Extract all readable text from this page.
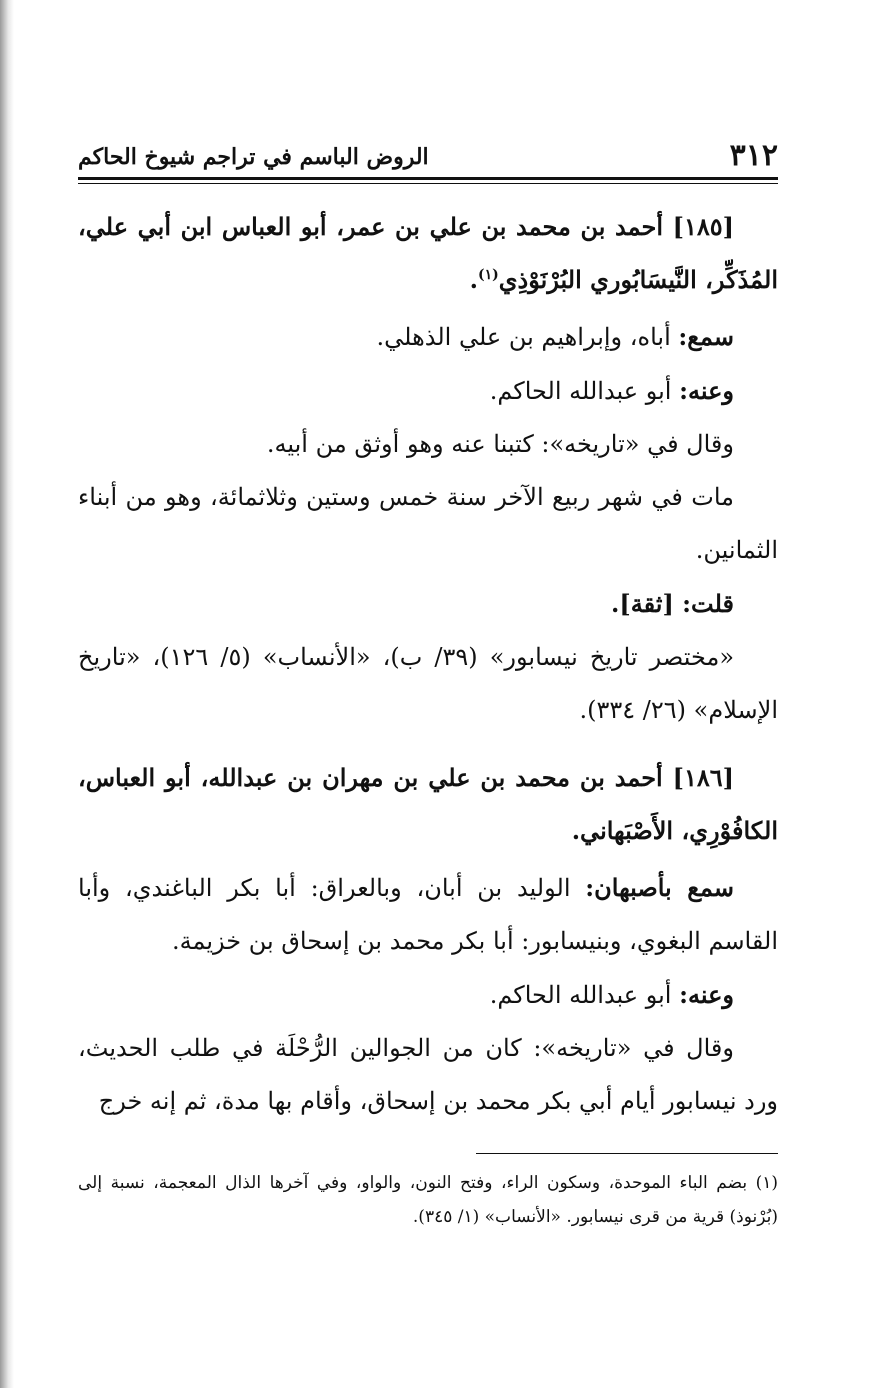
٣١٢
الروض الباسم في تراجم شيوخ الحاكم

[١٨٥] أحمد بن محمد بن علي بن عمر، أبو العباس ابن أبي علي، المُذَكِّر، النَّيسَابُوري البُرْنَوْذِي$^{(١)}$.

سمع: أباه، وإبراهيم بن علي الذهلي.

وعنه: أبو عبدالله الحاكم.

وقال في «تاريخه»: كتبنا عنه وهو أوثق من أبيه.

مات في شهر ربيع الآخر سنة خمس وستين وثلاثمائة، وهو من أبناء الثمانين.

قلت: [ثقة].

«مختصر تاريخ نيسابور» (٣٩/ ب)، «الأنساب» (٥/ ١٢٦)، «تاريخ الإسلام» (٢٦/ ٣٣٤).

[١٨٦] أحمد بن محمد بن علي بن مهران بن عبدالله، أبو العباس، الكافُوْرِي، الأَصْبَهاني.

سمع بأصبهان: الوليد بن أبان، وبالعراق: أبا بكر الباغندي، وأبا القاسم البغوي، وبنيسابور: أبا بكر محمد بن إسحاق بن خزيمة.

وعنه: أبو عبدالله الحاكم.

وقال في «تاريخه»: كان من الجوالين الرُّحْلَة في طلب الحديث، ورد نيسابور أيام أبي بكر محمد بن إسحاق، وأقام بها مدة، ثم إنه خرج

(١) بضم الباء الموحدة، وسكون الراء، وفتح النون، والواو، وفي آخرها الذال المعجمة، نسبة إلى (بُرْنوذ) قرية من قرى نيسابور. «الأنساب» (١/ ٣٤٥).
